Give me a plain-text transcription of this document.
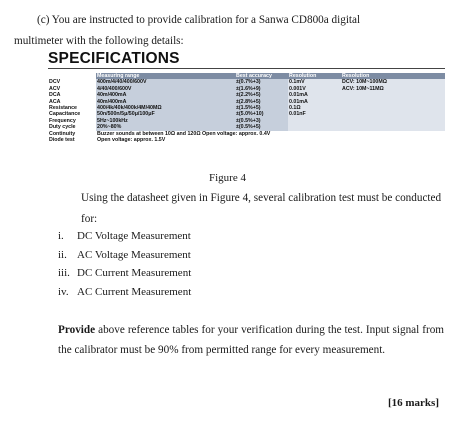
(c) You are instructed to provide calibration for a Sanwa CD800a digital
multimeter with the following details:

SPECIFICATIONS
	Measuring range	Best accuracy	Resolution	Resolution
DCV	400m/4/40/400/600V	±(0.7%+3)	0.1mV	DCV: 10M~100MΩ
ACV	4/40/400/600V	±(1.6%+9)	0.001V	ACV: 10M~11MΩ
DCA	40m/400mA	±(2.2%+5)	0.01mA	
ACA	40m/400mA	±(2.8%+5)	0.01mA	
Resistance	400/4k/40k/400k/4M/40MΩ	±(1.5%+5)	0.1Ω	
Capacitance	50n/500n/5μ/50μ/100μF	±(5.0%+10)	0.01nF	
Frequency	5Hz~100kHz	±(0.5%+3)		
Duty cycle	20%~80%	±(0.5%+5)		
Continuity	Buzzer sounds at between 10Ω and 120Ω Open voltage: approx. 0.4V			
Diode test	Open voltage: approx. 1.5V			

Figure 4

Using the datasheet given in Figure 4, several calibration test must be conducted for:

i. DC Voltage Measurement
ii. AC Voltage Measurement
iii. DC Current Measurement
iv. AC Current Measurement

Provide above reference tables for your verification during the test. Input signal from the calibrator must be 90% from permitted range for every measurement.

[16 marks]
